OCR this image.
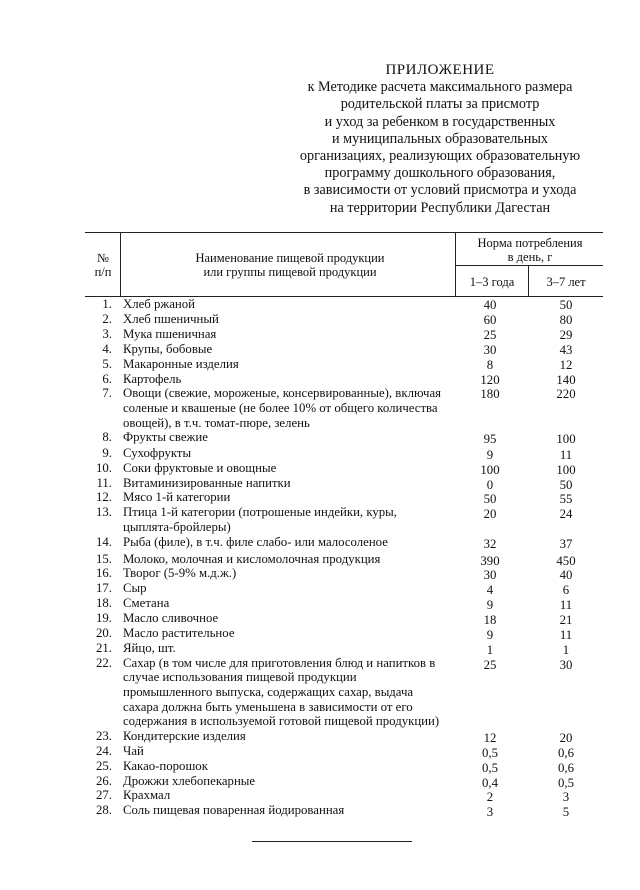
ПРИЛОЖЕНИЕ
к Методике расчета максимального размера
родительской платы за присмотр
и уход за ребенком в государственных
и муниципальных образовательных
организациях, реализующих образовательную
программу дошкольного образования,
в зависимости от условий присмотра и ухода
на территории Республики Дагестан
№
п/п
Наименование пищевой продукции
или группы пищевой продукции
Норма потребления
в день, г
1–3 года	3–7 лет
1. Хлеб ржаной	40	50
2. Хлеб пшеничный	60	80
3. Мука пшеничная	25	29
4. Крупы, бобовые	30	43
5. Макаронные изделия	8	12
6. Картофель	120	140
7. Овощи (свежие, мороженые, консервированные), включая
соленые и квашеные (не более 10% от общего количества
овощей), в т.ч. томат-пюре, зелень
180	220
8. Фрукты свежие	95	100
9. Сухофрукты	9	11
10. Соки фруктовые и овощные	100	100
11. Витаминизированные напитки	0	50
12. Мясо 1-й категории	50	55
13. Птица 1-й категории (потрошеные индейки, куры,
цыплята-бройлеры)
20	24
14. Рыба (филе), в т.ч. филе слабо- или малосоленое	32	37
15. Молоко, молочная и кисломолочная продукция	390	450
16. Творог (5-9% м.д.ж.)	30	40
17. Сыр	4	6
18. Сметана	9	11
19. Масло сливочное	18	21
20. Масло растительное	9	11
21. Яйцо, шт.	1	1
22. Сахар (в том числе для приготовления блюд и напитков в
случае использования пищевой продукции
промышленного выпуска, содержащих сахар, выдача
сахара должна быть уменьшена в зависимости от его
содержания в используемой готовой пищевой продукции)
25	30
23. Кондитерские изделия	12	20
24. Чай	0,5	0,6
25. Какао-порошок	0,5	0,6
26. Дрожжи хлебопекарные	0,4	0,5
27. Крахмал	2	3
28. Соль пищевая поваренная йодированная	3	5
